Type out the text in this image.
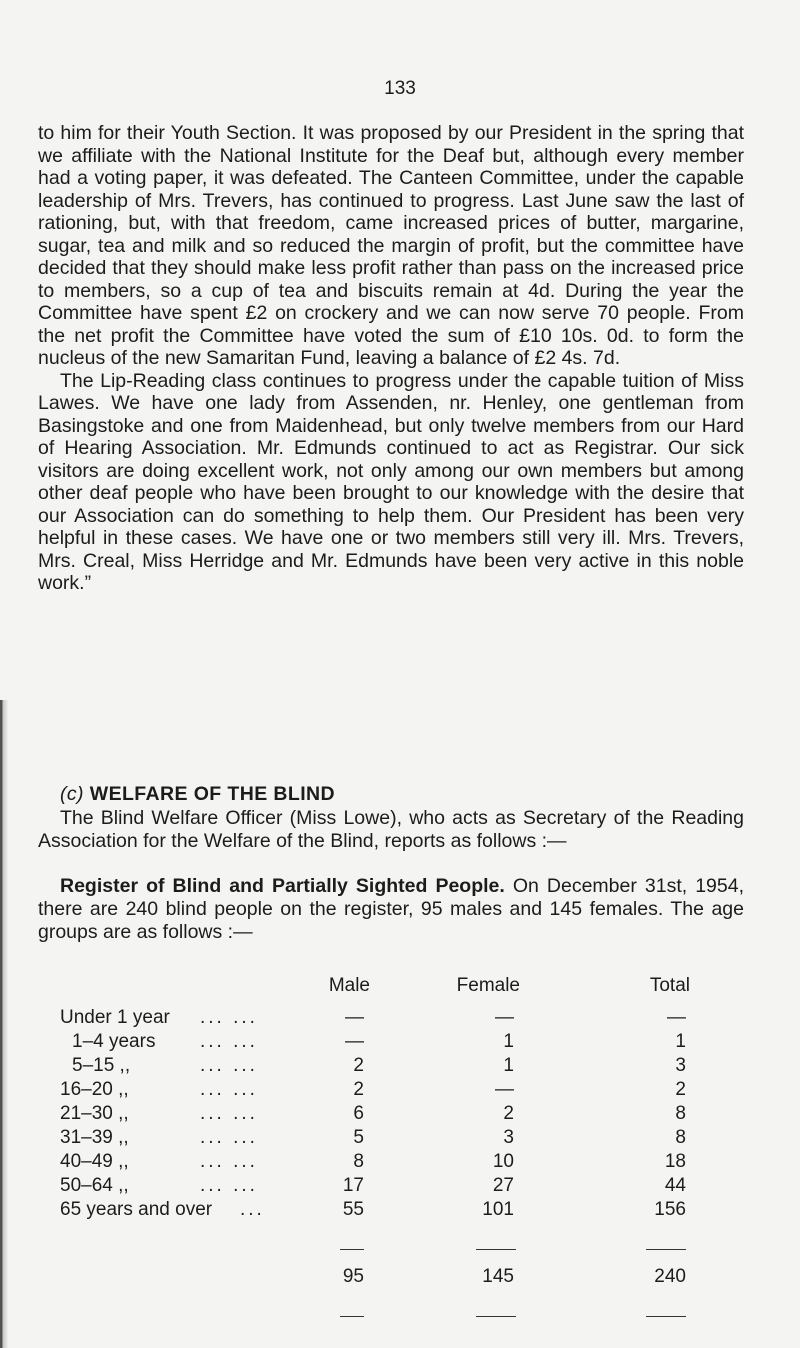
133

to him for their Youth Section. It was proposed by our President in the spring that we affiliate with the National Institute for the Deaf but, although every member had a voting paper, it was defeated. The Canteen Committee, under the capable leadership of Mrs. Trevers, has continued to progress. Last June saw the last of rationing, but, with that freedom, came increased prices of butter, margarine, sugar, tea and milk and so reduced the margin of profit, but the committee have decided that they should make less profit rather than pass on the increased price to members, so a cup of tea and biscuits remain at 4d. During the year the Committee have spent £2 on crockery and we can now serve 70 people. From the net profit the Committee have voted the sum of £10 10s. 0d. to form the nucleus of the new Samaritan Fund, leaving a balance of £2 4s. 7d.

The Lip-Reading class continues to progress under the capable tuition of Miss Lawes. We have one lady from Assenden, nr. Henley, one gentleman from Basingstoke and one from Maidenhead, but only twelve members from our Hard of Hearing Association. Mr. Edmunds continued to act as Registrar. Our sick visitors are doing excellent work, not only among our own members but among other deaf people who have been brought to our knowledge with the desire that our Association can do something to help them. Our President has been very helpful in these cases. We have one or two members still very ill. Mrs. Trevers, Mrs. Creal, Miss Herridge and Mr. Edmunds have been very active in this noble work.”

(c) WELFARE OF THE BLIND

The Blind Welfare Officer (Miss Lowe), who acts as Secretary of the Reading Association for the Welfare of the Blind, reports as follows :—

Register of Blind and Partially Sighted People. On December 31st, 1954, there are 240 blind people on the register, 95 males and 145 females. The age groups are as follows :—

Male	Female	Total
Under 1 year ... ...	—	—	—
1–4 years ... ...	—	1	1
5–15 ,,	... ...	2	1	3
16–20 ,,	... ...	2	—	2
21–30 ,,	... ...	6	2	8
31–39 ,,	... ...	5	3	8
40–49 ,,	... ...	8	10	18
50–64 ,,	... ...	17	27	44
65 years and over ...	55	101	156
95	145	240
